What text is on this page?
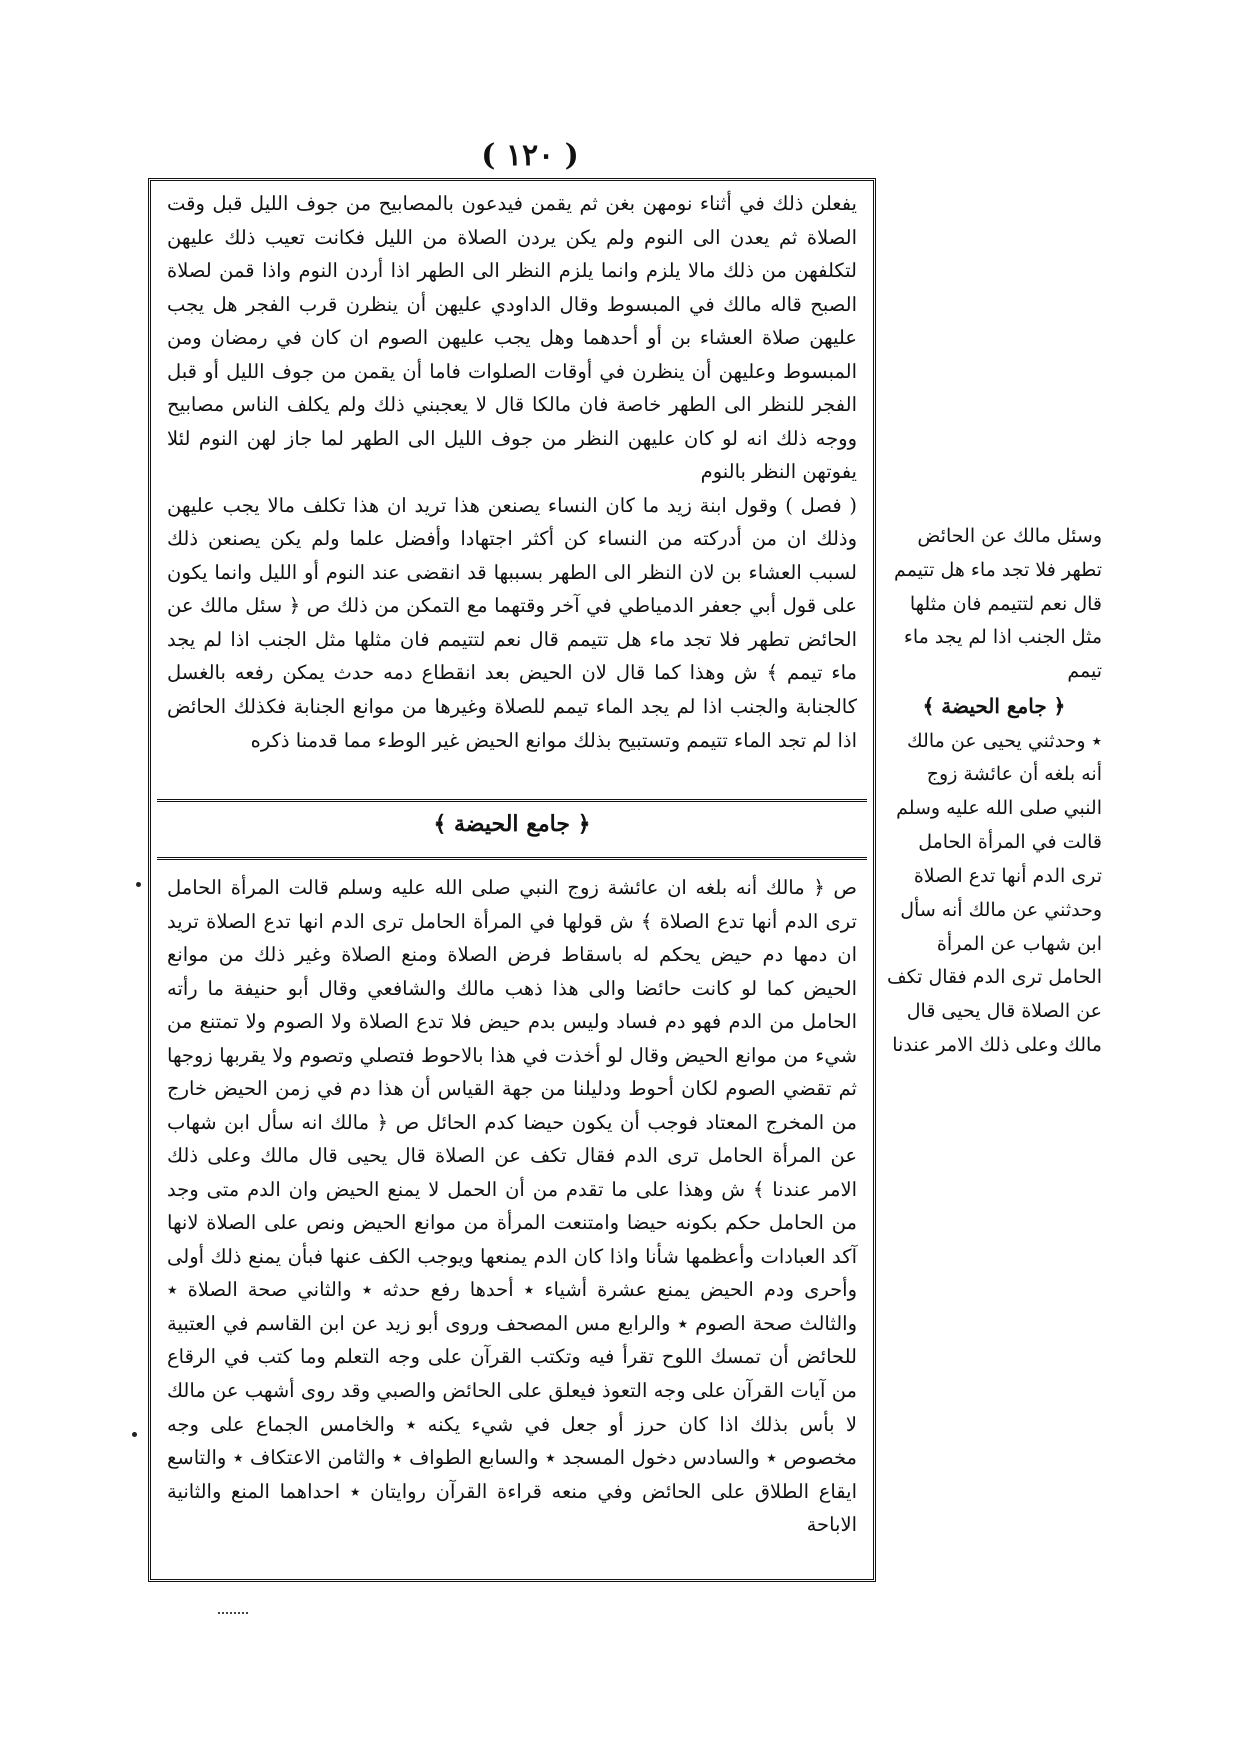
( ١٢٠ )

يفعلن ذلك في أثناء نومهن بغن ثم يقمن فيدعون بالمصابيح من جوف الليل قبل وقت الصلاة ثم يعدن الى النوم ولم يكن يردن الصلاة من الليل فكانت تعيب ذلك عليهن لتكلفهن من ذلك مالا يلزم وانما يلزم النظر الى الطهر اذا أردن النوم واذا قمن لصلاة الصبح قاله مالك في المبسوط وقال الداودي عليهن أن ينظرن قرب الفجر هل يجب عليهن صلاة العشاء بن أو أحدهما وهل يجب عليهن الصوم ان كان في رمضان ومن المبسوط وعليهن أن ينظرن في أوقات الصلوات فاما أن يقمن من جوف الليل أو قبل الفجر للنظر الى الطهر خاصة فان مالكا قال لا يعجبني ذلك ولم يكلف الناس مصابيح ووجه ذلك انه لو كان عليهن النظر من جوف الليل الى الطهر لما جاز لهن النوم لئلا يفوتهن النظر بالنوم

( فصل ) وقول ابنة زيد ما كان النساء يصنعن هذا تريد ان هذا تكلف مالا يجب عليهن وذلك ان من أدركته من النساء كن أكثر اجتهادا وأفضل علما ولم يكن يصنعن ذلك لسبب العشاء بن لان النظر الى الطهر بسببها قد انقضى عند النوم أو الليل وانما يكون على قول أبي جعفر الدمياطي في آخر وقتهما مع التمكن من ذلك ص ﴿ سئل مالك عن الحائض تطهر فلا تجد ماء هل تتيمم قال نعم لتتيمم فان مثلها مثل الجنب اذا لم يجد ماء تيمم ﴾ ش وهذا كما قال لان الحيض بعد انقطاع دمه حدث يمكن رفعه بالغسل كالجنابة والجنب اذا لم يجد الماء تيمم للصلاة وغيرها من موانع الجنابة فكذلك الحائض اذا لم تجد الماء تتيمم وتستبيح بذلك موانع الحيض غير الوطء مما قدمنا ذكره

﴿ جامع الحيضة ﴾

ص ﴿ مالك أنه بلغه ان عائشة زوج النبي صلى الله عليه وسلم قالت المرأة الحامل ترى الدم أنها تدع الصلاة ﴾ ش قولها في المرأة الحامل ترى الدم انها تدع الصلاة تريد ان دمها دم حيض يحكم له باسقاط فرض الصلاة ومنع الصلاة وغير ذلك من موانع الحيض كما لو كانت حائضا والى هذا ذهب مالك والشافعي وقال أبو حنيفة ما رأته الحامل من الدم فهو دم فساد وليس بدم حيض فلا تدع الصلاة ولا الصوم ولا تمتنع من شيء من موانع الحيض وقال لو أخذت في هذا بالاحوط فتصلي وتصوم ولا يقربها زوجها ثم تقضي الصوم لكان أحوط ودليلنا من جهة القياس أن هذا دم في زمن الحيض خارج من المخرج المعتاد فوجب أن يكون حيضا كدم الحائل ص ﴿ مالك انه سأل ابن شهاب عن المرأة الحامل ترى الدم فقال تكف عن الصلاة قال يحيى قال مالك وعلى ذلك الامر عندنا ﴾ ش وهذا على ما تقدم من أن الحمل لا يمنع الحيض وان الدم متى وجد من الحامل حكم بكونه حيضا وامتنعت المرأة من موانع الحيض ونص على الصلاة لانها آكد العبادات وأعظمها شأنا واذا كان الدم يمنعها ويوجب الكف عنها فبأن يمنع ذلك أولى وأحرى ودم الحيض يمنع عشرة أشياء ٭ أحدها رفع حدثه ٭ والثاني صحة الصلاة ٭ والثالث صحة الصوم ٭ والرابع مس المصحف وروى أبو زيد عن ابن القاسم في العتبية للحائض أن تمسك اللوح تقرأ فيه وتكتب القرآن على وجه التعلم وما كتب في الرقاع من آيات القرآن على وجه التعوذ فيعلق على الحائض والصبي وقد روى أشهب عن مالك لا بأس بذلك اذا كان حرز أو جعل في شيء يكنه ٭ والخامس الجماع على وجه مخصوص ٭ والسادس دخول المسجد ٭ والسابع الطواف ٭ والثامن الاعتكاف ٭ والتاسع ايقاع الطلاق على الحائض وفي منعه قراءة القرآن روايتان ٭ احداهما المنع والثانية الاباحة

وسئل مالك عن الحائض تطهر فلا تجد ماء هل تتيمم قال نعم لتتيمم فان مثلها مثل الجنب اذا لم يجد ماء تيمم

﴿ جامع الحيضة ﴾

٭ وحدثني يحيى عن مالك أنه بلغه أن عائشة زوج النبي صلى الله عليه وسلم قالت في المرأة الحامل ترى الدم أنها تدع الصلاة وحدثني عن مالك أنه سأل ابن شهاب عن المرأة الحامل ترى الدم فقال تكف عن الصلاة قال يحيى قال مالك وعلى ذلك الامر عندنا
